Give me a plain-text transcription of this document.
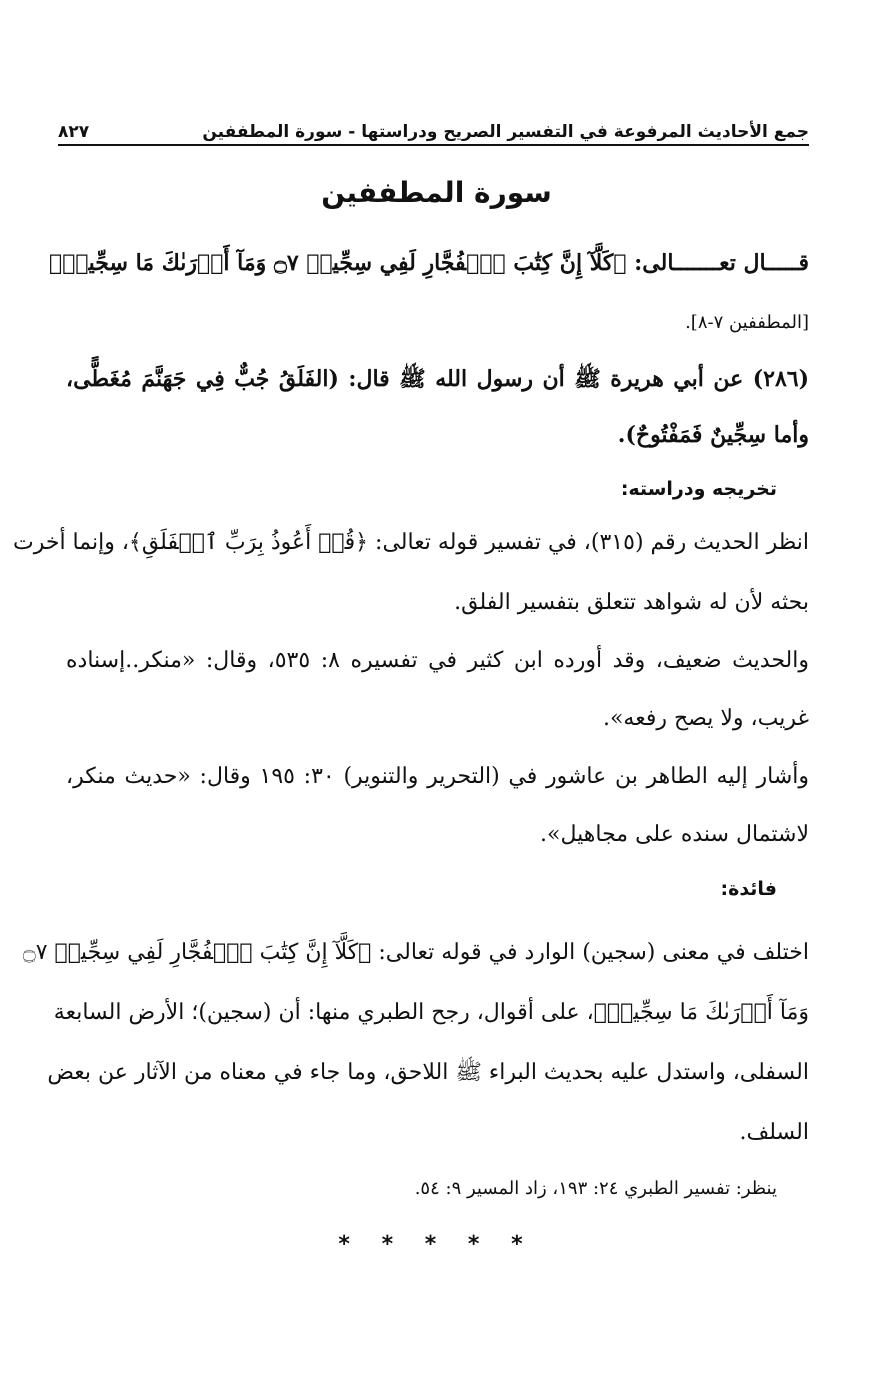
جمع الأحاديث المرفوعة في التفسير الصريح ودراستها - سورة المطففين
٨٢٧
سورة المطففين
قـــــال تعـــــــالى: ﴿كَلَّآ إِنَّ كِتَٰبَ ٱلۡفُجَّارِ لَفِي سِجِّينٖ ۝٧ وَمَآ أَدۡرَىٰكَ مَا سِجِّينٞ﴾
[المطففين ٧-٨].
(٢٨٦) عن أبي هريرة ﷺ أن رسول الله ﷺ قال: (الفَلَقُ جُبٌّ فِي جَهَنَّمَ مُغَطًّى،
وأما سِجِّينٌ فَمَفْتُوحٌ).
تخريجه ودراسته:
انظر الحديث رقم (٣١٥)، في تفسير قوله تعالى: ﴿قُلۡ أَعُوذُ بِرَبِّ ٱلۡفَلَقِ﴾، وإنما أخرت
بحثه لأن له شواهد تتعلق بتفسير الفلق.
والحديث ضعيف، وقد أورده ابن كثير في تفسيره ٨: ٥٣٥، وقال: «منكر..إسناده
غريب، ولا يصح رفعه».
وأشار إليه الطاهر بن عاشور في (التحرير والتنوير) ٣٠: ١٩٥ وقال: «حديث منكر،
لاشتمال سنده على مجاهيل».
فائدة:
اختلف في معنى (سجين) الوارد في قوله تعالى: ﴿كَلَّآ إِنَّ كِتَٰبَ ٱلۡفُجَّارِ لَفِي سِجِّينٖ ۝٧
وَمَآ أَدۡرَىٰكَ مَا سِجِّينٞ﴾، على أقوال، رجح الطبري منها: أن (سجين)؛ الأرض السابعة
السفلى، واستدل عليه بحديث البراء ﷺ اللاحق، وما جاء في معناه من الآثار عن بعض
السلف.
ينظر: تفسير الطبري ٢٤: ١٩٣، زاد المسير ٩: ٥٤.
* * * * *
